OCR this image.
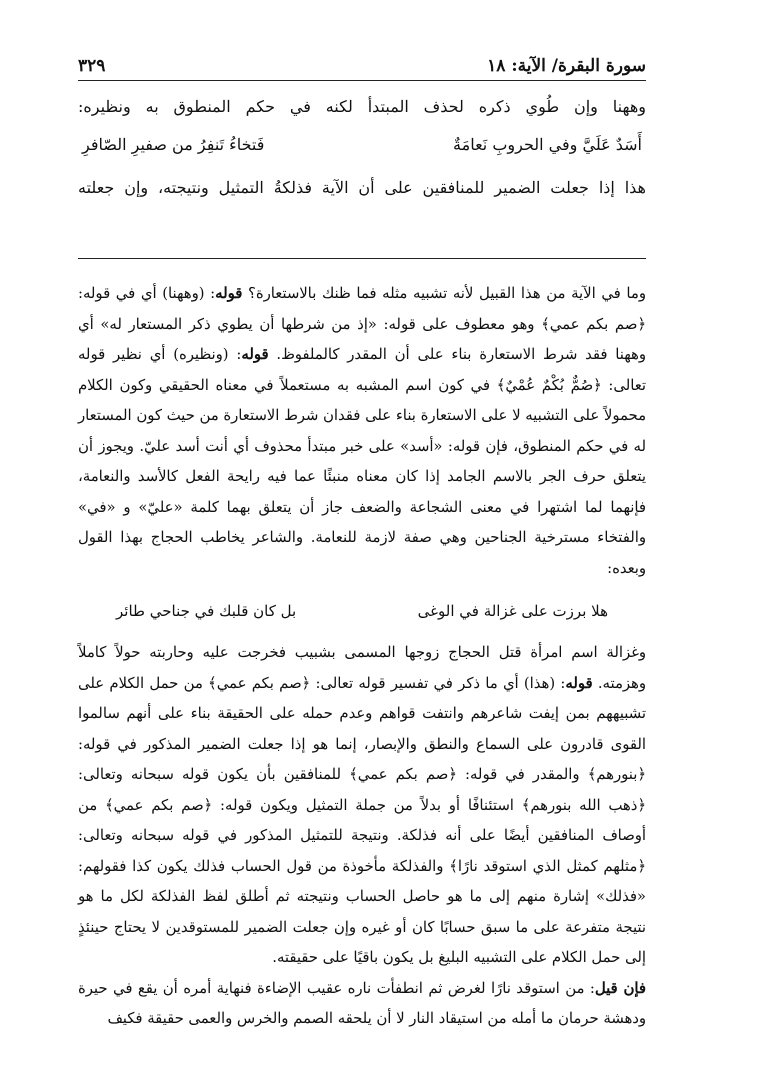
سورة البقرة/ الآية: ١٨
٣٢٩

وههنا وإن طُوي ذكره لحذف المبتدأ لكنه في حكم المنطوق به ونظيره:

أَسَدٌ عَلَيَّ وفي الحروبِ نَعامَةٌ
فَتخاءُ تَنفِرُ من صفيرِ الصّافرِ

هذا إذا جعلت الضمير للمنافقين على أن الآية فذلكةُ التمثيل ونتيجته، وإن جعلته

وما في الآية من هذا القبيل لأنه تشبيه مثله فما ظنك بالاستعارة؟ قوله: (وههنا) أي في قوله: ﴿صم بكم عمي﴾ وهو معطوف على قوله: «إذ من شرطها أن يطوي ذكر المستعار له» أي وههنا فقد شرط الاستعارة بناء على أن المقدر كالملفوظ. قوله: (ونظيره) أي نظير قوله تعالى: ﴿صُمٌّ بُكْمٌ عُمْيٌ﴾ في كون اسم المشبه به مستعملاً في معناه الحقيقي وكون الكلام محمولاً على التشبيه لا على الاستعارة بناء على فقدان شرط الاستعارة من حيث كون المستعار له في حكم المنطوق، فإن قوله: «أسد» على خبر مبتدأ محذوف أي أنت أسد عليّ. ويجوز أن يتعلق حرف الجر بالاسم الجامد إذا كان معناه منبئًا عما فيه رايحة الفعل كالأسد والنعامة، فإنهما لما اشتهرا في معنى الشجاعة والضعف جاز أن يتعلق بهما كلمة «عليّ» و «في» والفتخاء مسترخية الجناحين وهي صفة لازمة للنعامة. والشاعر يخاطب الحجاج بهذا القول وبعده:

هلا برزت على غزالة في الوغى
بل كان قلبك في جناحي طائر

وغزالة اسم امرأة قتل الحجاج زوجها المسمى بشبيب فخرجت عليه وحاربته حولاً كاملاً وهزمته. قوله: (هذا) أي ما ذكر في تفسير قوله تعالى: ﴿صم بكم عمي﴾ من حمل الكلام على تشبيههم بمن إيفت شاعرهم وانتفت قواهم وعدم حمله على الحقيقة بناء على أنهم سالموا القوى قادرون على السماع والنطق والإبصار، إنما هو إذا جعلت الضمير المذكور في قوله: ﴿بنورهم﴾ والمقدر في قوله: ﴿صم بكم عمي﴾ للمنافقين بأن يكون قوله سبحانه وتعالى: ﴿ذهب الله بنورهم﴾ استئنافًا أو بدلاً من جملة التمثيل ويكون قوله: ﴿صم بكم عمي﴾ من أوصاف المنافقين أيضًا على أنه فذلكة. ونتيجة للتمثيل المذكور في قوله سبحانه وتعالى: ﴿مثلهم كمثل الذي استوقد نارًا﴾ والفذلكة مأخوذة من قول الحساب فذلك يكون كذا فقولهم: «فذلك» إشارة منهم إلى ما هو حاصل الحساب ونتيجته ثم أطلق لفظ الفذلكة لكل ما هو نتيجة متفرعة على ما سبق حسابًا كان أو غيره وإن جعلت الضمير للمستوقدين لا يحتاج حينئذٍ إلى حمل الكلام على التشبيه البليغ بل يكون باقيًا على حقيقته.

فإن قيل: من استوقد نارًا لغرض ثم انطفأت ناره عقيب الإضاءة فنهاية أمره أن يقع في حيرة ودهشة حرمان ما أمله من استيقاد النار لا أن يلحقه الصمم والخرس والعمى حقيقة فكيف
